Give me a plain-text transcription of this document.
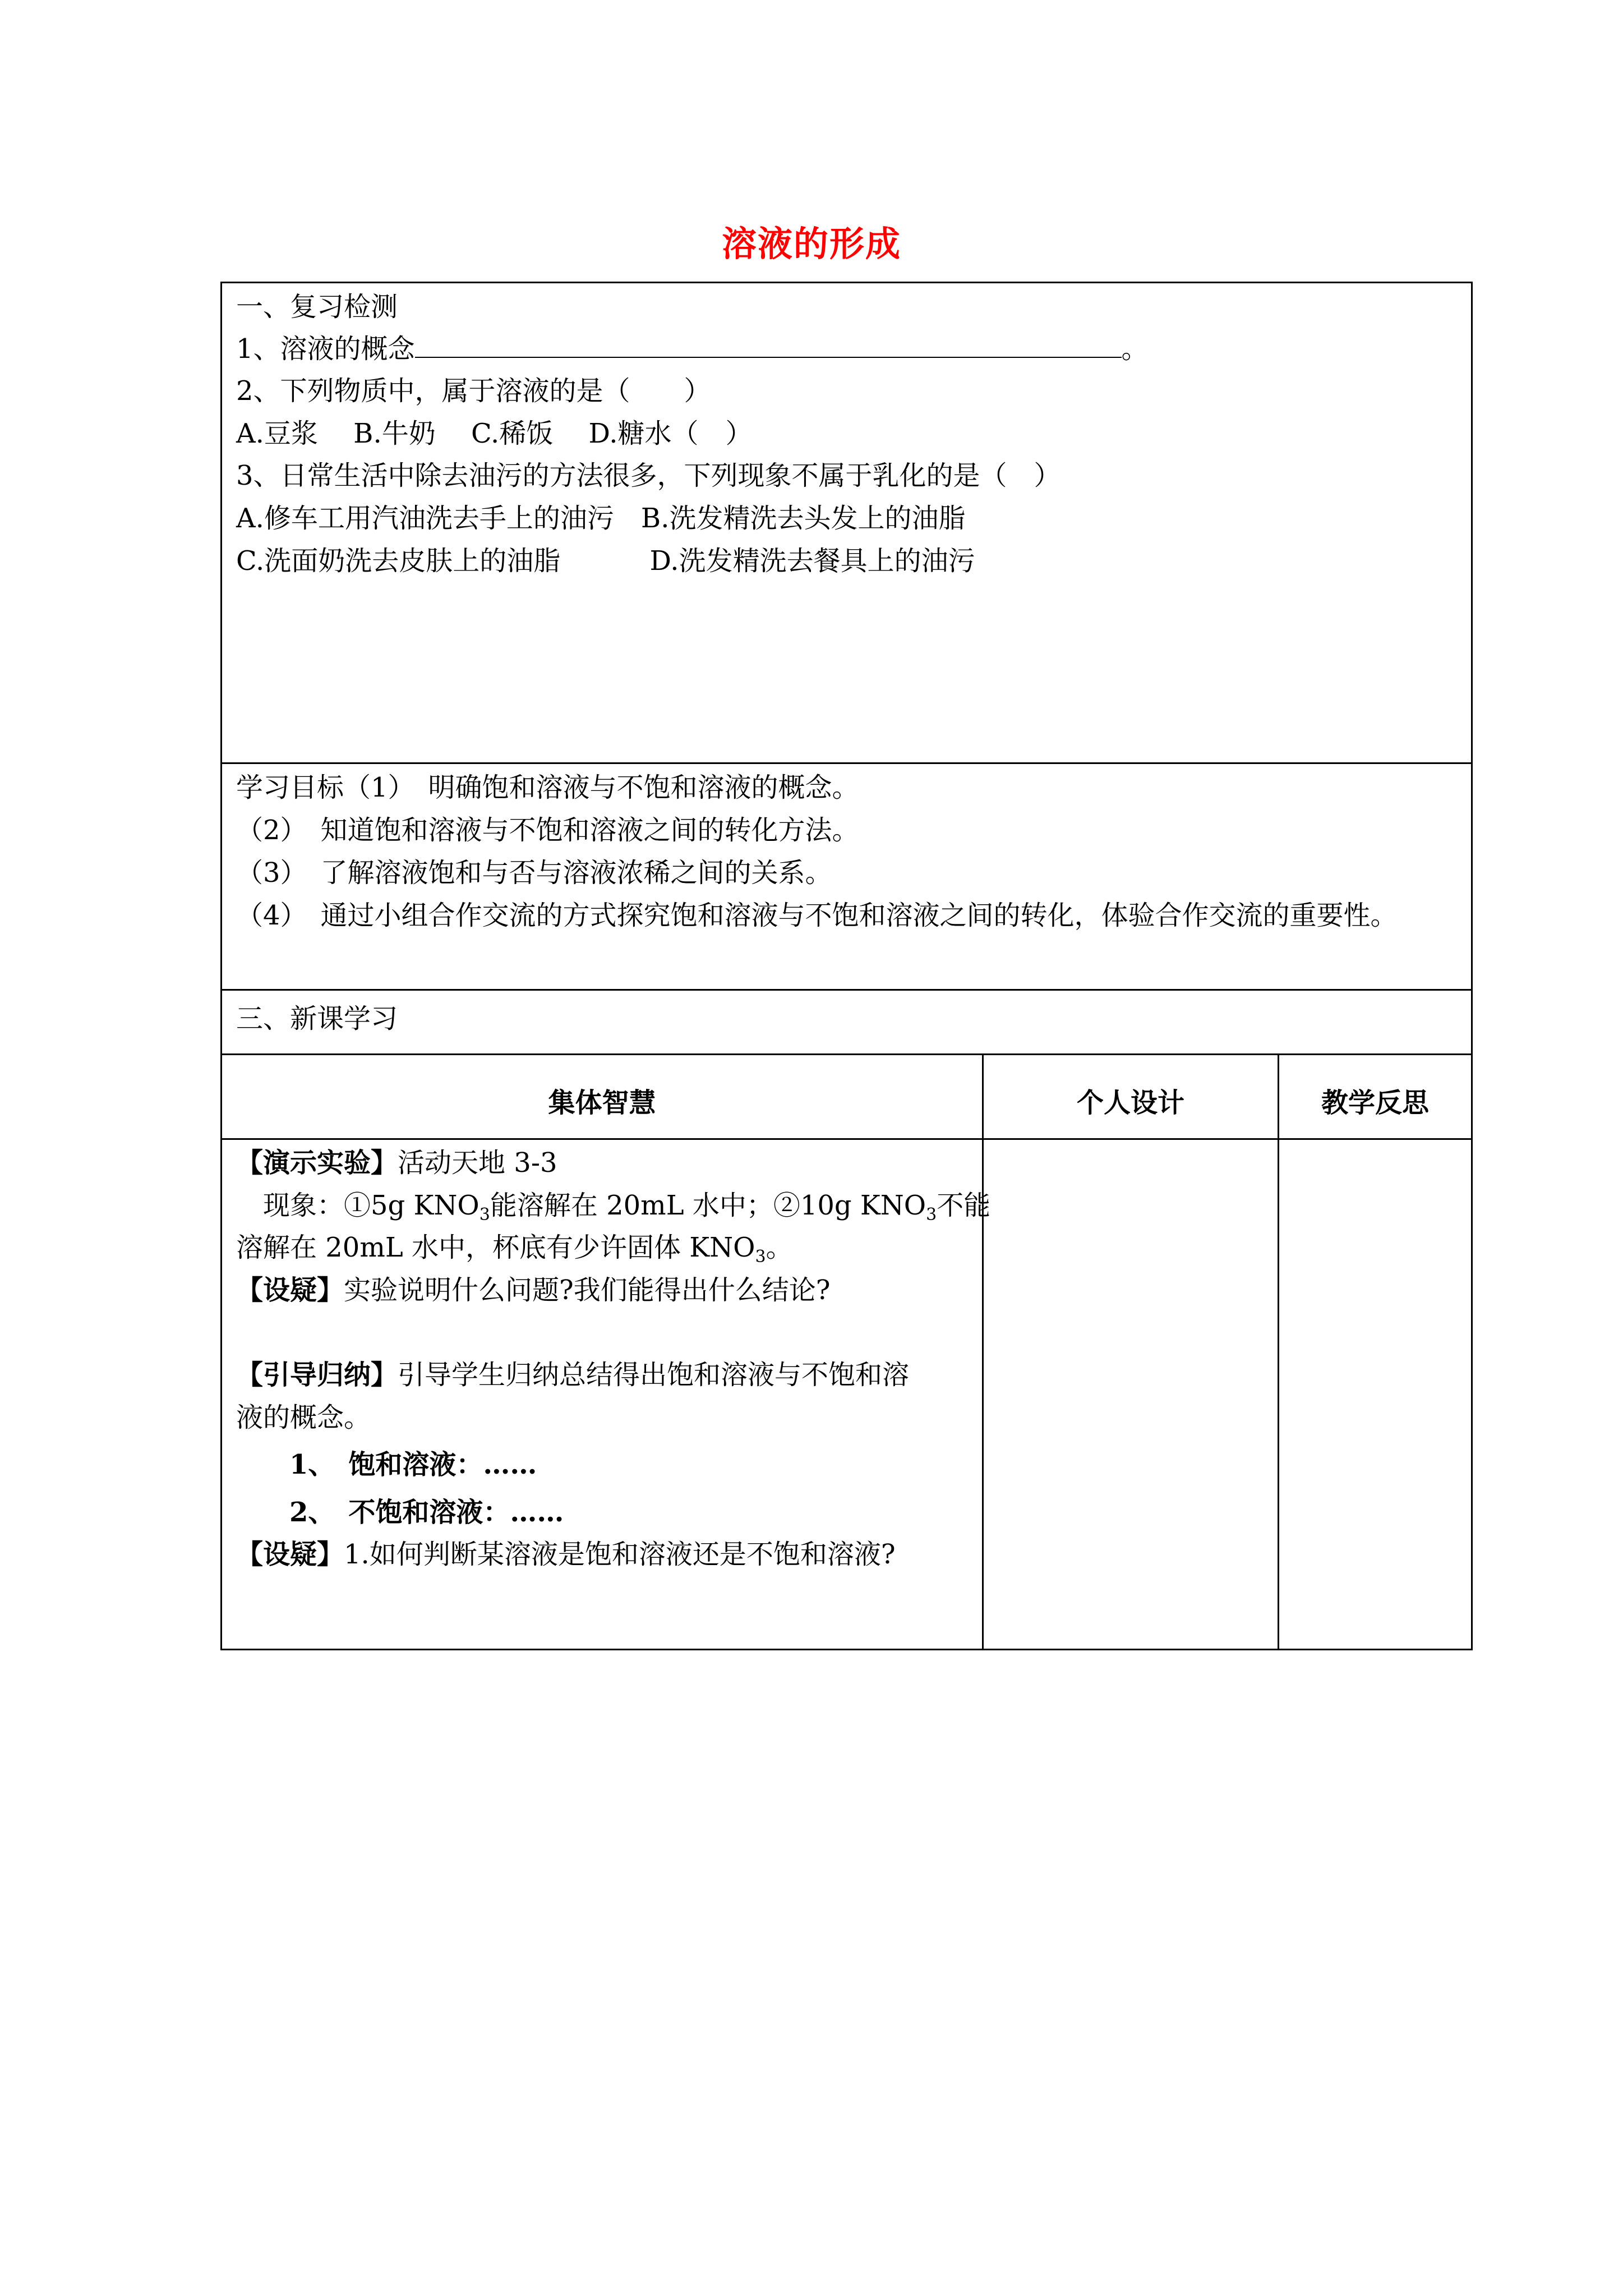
溶液的形成
一、复习检测
1、溶液的概念	。
2、下列物质中，属于溶液的是（　　）
A.豆浆　 B.牛奶　 C.稀饭　 D.糖水（　）
3、日常生活中除去油污的方法很多，下列现象不属于乳化的是（　）
A.修车工用汽油洗去手上的油污　B.洗发精洗去头发上的油脂
C.洗面奶洗去皮肤上的油脂　　　 D.洗发精洗去餐具上的油污
学习目标（1）　明确饱和溶液与不饱和溶液的概念。
（2）　知道饱和溶液与不饱和溶液之间的转化方法。
（3）　了解溶液饱和与否与溶液浓稀之间的关系。
（4）　通过小组合作交流的方式探究饱和溶液与不饱和溶液之间的转化，体验合作交流的重要性。
三、新课学习
集体智慧	个人设计	教学反思
【演示实验】活动天地 3-3
　现象：①5g $KNO_3$能溶解在 20mL 水中；②10g $KNO_3$不能
溶解在 20mL 水中，杯底有少许固体 $KNO_3$。
【设疑】实验说明什么问题?我们能得出什么结论?
【引导归纳】引导学生归纳总结得出饱和溶液与不饱和溶
液的概念。
1、　饱和溶液：……
2、　不饱和溶液：……
【设疑】1.如何判断某溶液是饱和溶液还是不饱和溶液?
